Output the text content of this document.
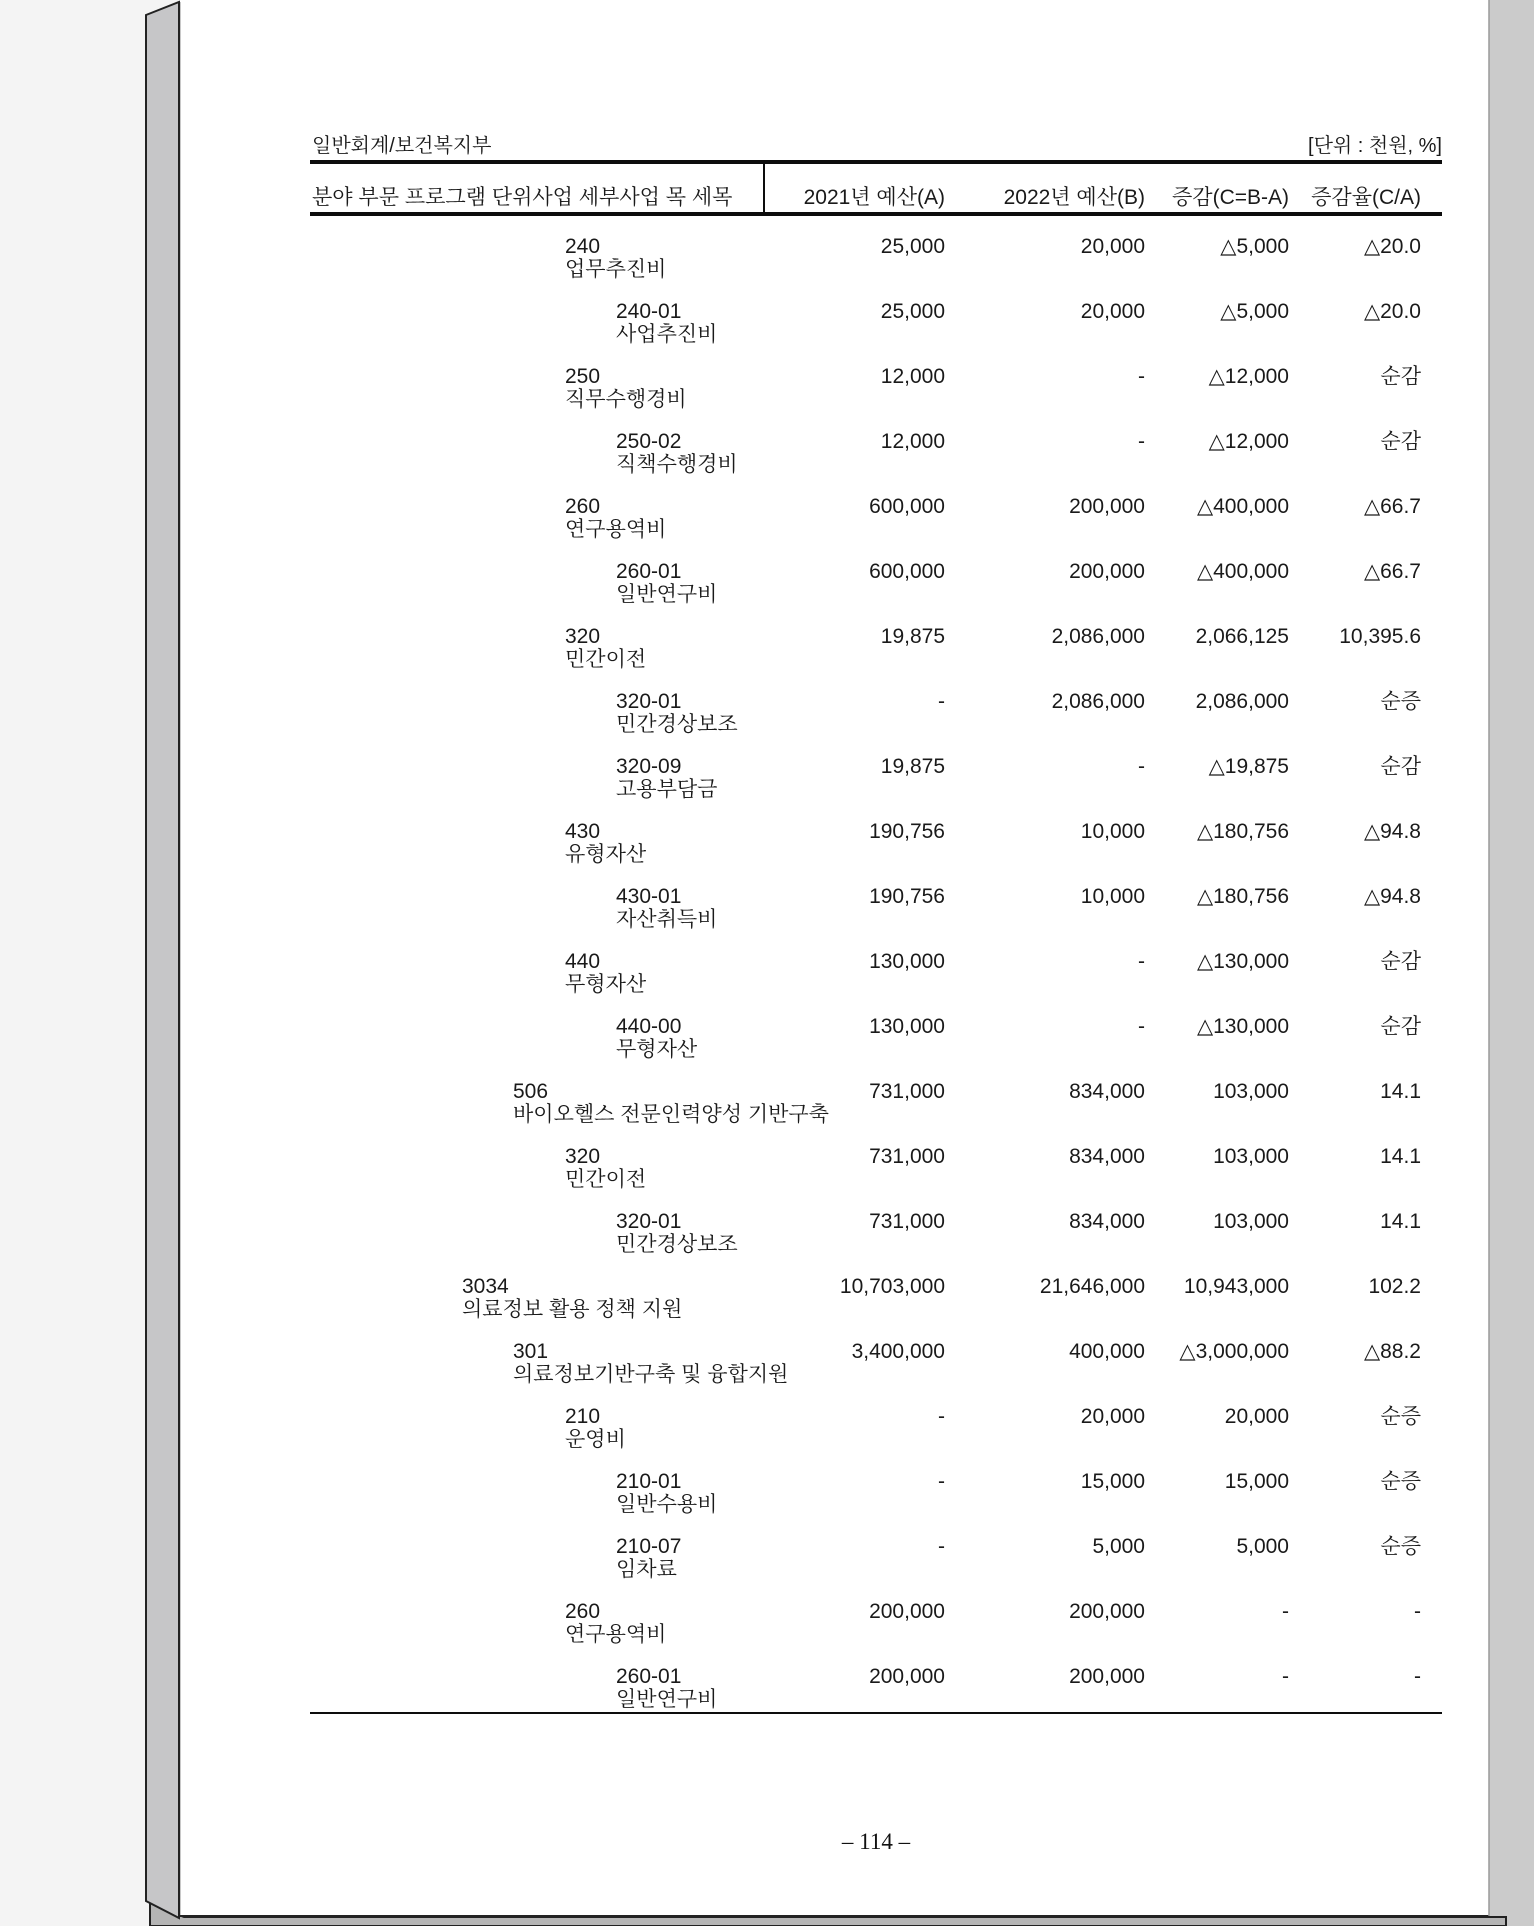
일반회계/보건복지부	[단위 : 천원, %]
분야 부문 프로그램 단위사업 세부사업 목 세목	2021년 예산(A)	2022년 예산(B) 증감(C=B-A) 증감율(C/A)
240
업무추진비
25,000	20,000	△5,000	△20.0
240-01
사업추진비
25,000	20,000	△5,000	△20.0
250
직무수행경비
12,000	-	△12,000	순감
250-02
직책수행경비
12,000	-	△12,000	순감
260
연구용역비
600,000	200,000 △400,000	△66.7
260-01
일반연구비
600,000	200,000 △400,000	△66.7
320
민간이전
19,875	2,086,000 2,066,125 10,395.6
320-01
민간경상보조
-	2,086,000 2,086,000	순증
320-09
고용부담금
19,875	-	△19,875	순감
430
유형자산
190,756	10,000 △180,756	△94.8
430-01
자산취득비
190,756	10,000 △180,756	△94.8
440
무형자산
130,000	- △130,000	순감
440-00
무형자산
130,000	- △130,000	순감
506
바이오헬스 전문인력양성 기반구축
731,000	834,000	103,000	14.1
320
민간이전
731,000	834,000	103,000	14.1
320-01
민간경상보조
731,000	834,000	103,000	14.1
3034
의료정보 활용 정책 지원
10,703,000	21,646,000 10,943,000	102.2
301
의료정보기반구축 및 융합지원
3,400,000	400,000 △3,000,000	△88.2
210
운영비
-	20,000	20,000	순증
210-01
일반수용비
-	15,000	15,000	순증
210-07
임차료
-	5,000	5,000	순증
260
연구용역비
200,000	200,000	-	-
260-01
일반연구비
200,000	200,000	-	-
– 114 –
